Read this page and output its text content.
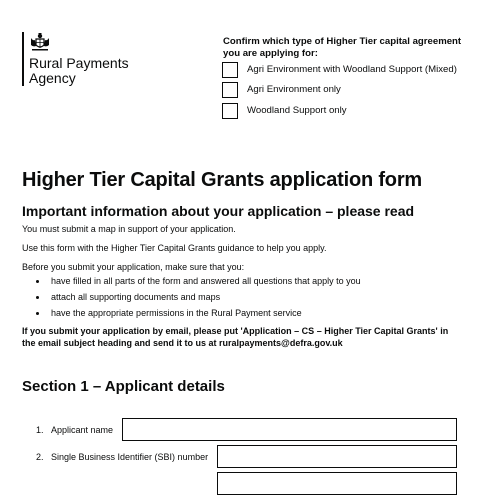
Rural Payments
Agency
Confirm which type of Higher Tier capital agreement you are applying for:
Agri Environment with Woodland Support (Mixed)
Agri Environment only
Woodland Support only
Higher Tier Capital Grants application form
Important information about your application – please read
You must submit a map in support of your application.
Use this form with the Higher Tier Capital Grants guidance to help you apply.
Before you submit your application, make sure that you:
have filled in all parts of the form and answered all questions that apply to you
attach all supporting documents and maps
have the appropriate permissions in the Rural Payment service
If you submit your application by email, please put 'Application – CS – Higher Tier Capital Grants' in the email subject heading and send it to us at ruralpayments@defra.gov.uk
Section 1 – Applicant details
1. Applicant name
2. Single Business Identifier (SBI) number
